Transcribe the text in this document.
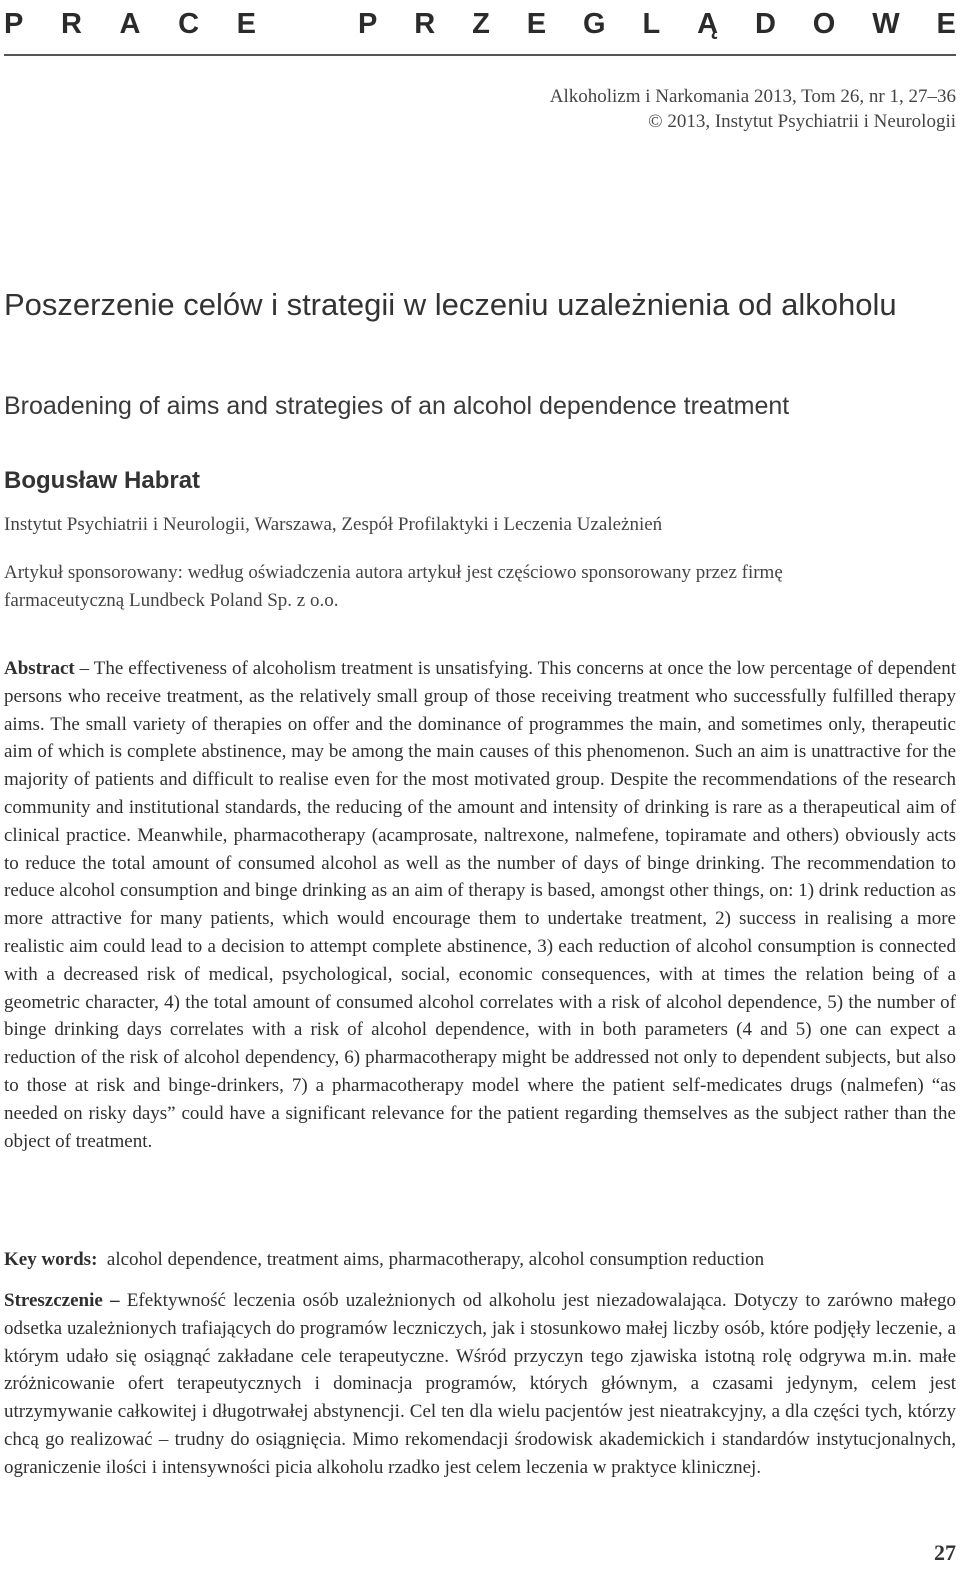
P R A C E	P R Z E G L Ą D O W E
Alkoholizm i Narkomania 2013, Tom 26, nr 1, 27–36
© 2013, Instytut Psychiatrii i Neurologii
Poszerzenie celów i strategii w leczeniu uzależnienia od alkoholu
Broadening of aims and strategies of an alcohol dependence treatment
Bogusław Habrat
Instytut Psychiatrii i Neurologii, Warszawa, Zespół Profilaktyki i Leczenia Uzależnień
Artykuł sponsorowany: według oświadczenia autora artykuł jest częściowo sponsorowany przez firmę farmaceutyczną Lundbeck Poland Sp. z o.o.
Abstract – The effectiveness of alcoholism treatment is unsatisfying. This concerns at once the low percentage of dependent persons who receive treatment, as the relatively small group of those receiving treatment who successfully fulfilled therapy aims. The small variety of therapies on offer and the dominance of programmes the main, and sometimes only, therapeutic aim of which is complete abstinence, may be among the main causes of this phenomenon. Such an aim is unattractive for the majority of patients and difficult to realise even for the most motivated group. Despite the recommendations of the research community and institutional standards, the reducing of the amount and intensity of drinking is rare as a therapeutical aim of clinical practice. Meanwhile, pharmacotherapy (acamprosate, naltrexone, nalmefene, topiramate and others) obviously acts to reduce the total amount of consumed alcohol as well as the number of days of binge drinking. The recommendation to reduce alcohol consumption and binge drinking as an aim of therapy is based, amongst other things, on: 1) drink reduction as more attractive for many patients, which would encourage them to undertake treatment, 2) success in realising a more realistic aim could lead to a decision to attempt complete abstinence, 3) each reduction of alcohol consumption is connected with a decreased risk of medical, psychological, social, economic consequences, with at times the relation being of a geometric character, 4) the total amount of consumed alcohol correlates with a risk of alcohol dependence, 5) the number of binge drinking days correlates with a risk of alcohol dependence, with in both parameters (4 and 5) one can expect a reduction of the risk of alcohol dependency, 6) pharmacotherapy might be addressed not only to dependent subjects, but also to those at risk and binge-drinkers, 7) a pharmacotherapy model where the patient self-medicates drugs (nalmefen) “as needed on risky days” could have a significant relevance for the patient regarding themselves as the subject rather than the object of treatment.
Key words: alcohol dependence, treatment aims, pharmacotherapy, alcohol consumption reduction
Streszczenie – Efektywność leczenia osób uzależnionych od alkoholu jest niezadowalająca. Dotyczy to zarówno małego odsetka uzależnionych trafiających do programów leczniczych, jak i stosunkowo małej liczby osób, które podjęły leczenie, a którym udało się osiągnąć zakładane cele terapeutyczne. Wśród przyczyn tego zjawiska istotną rolę odgrywa m.in. małe zróżnicowanie ofert terapeutycznych i dominacja programów, których głównym, a czasami jedynym, celem jest utrzymywanie całkowitej i długotrwałej abstynencji. Cel ten dla wielu pacjentów jest nieatrakcyjny, a dla części tych, którzy chcą go realizować – trudny do osiągnięcia. Mimo rekomendacji środowisk akademickich i standardów instytucjonalnych, ograniczenie ilości i intensywności picia alkoholu rzadko jest celem leczenia w praktyce klinicznej.
27
